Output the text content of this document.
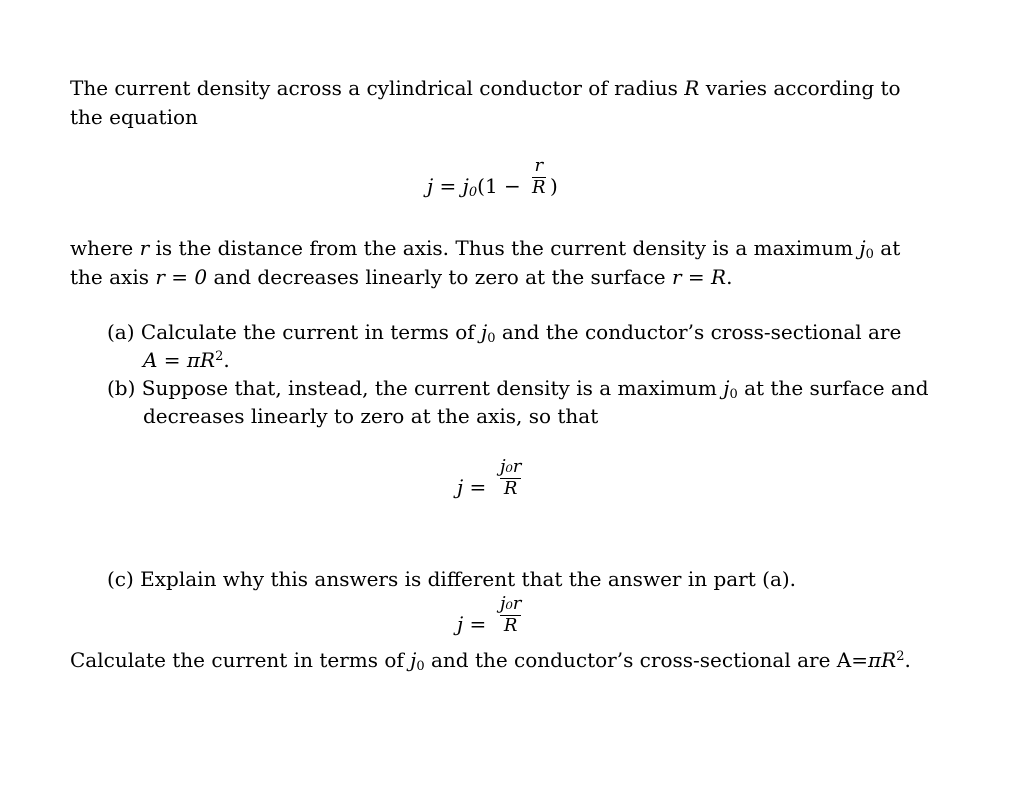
The current density across a cylindrical conductor of radius R varies according to
the equation
$j = j_0(1$ −
r
R )
where r is the distance from the axis. Thus the current density is a maximum $j_0$ at
the axis r = 0 and decreases linearly to zero at the surface r = R.
(a) Calculate the current in terms of $j_0$ and the conductor’s cross-sectional are
$A = \pi R^2$.
(b) Suppose that, instead, the current density is a maximum $j_0$ at the surface and
decreases linearly to zero at the axis, so that
j =
j₀r
R
(c) Explain why this answers is different that the answer in part (a).
j =
j₀r
R
Calculate the current in terms of $j_0$ and the conductor’s cross-sectional are $A=\pi R^2$.
